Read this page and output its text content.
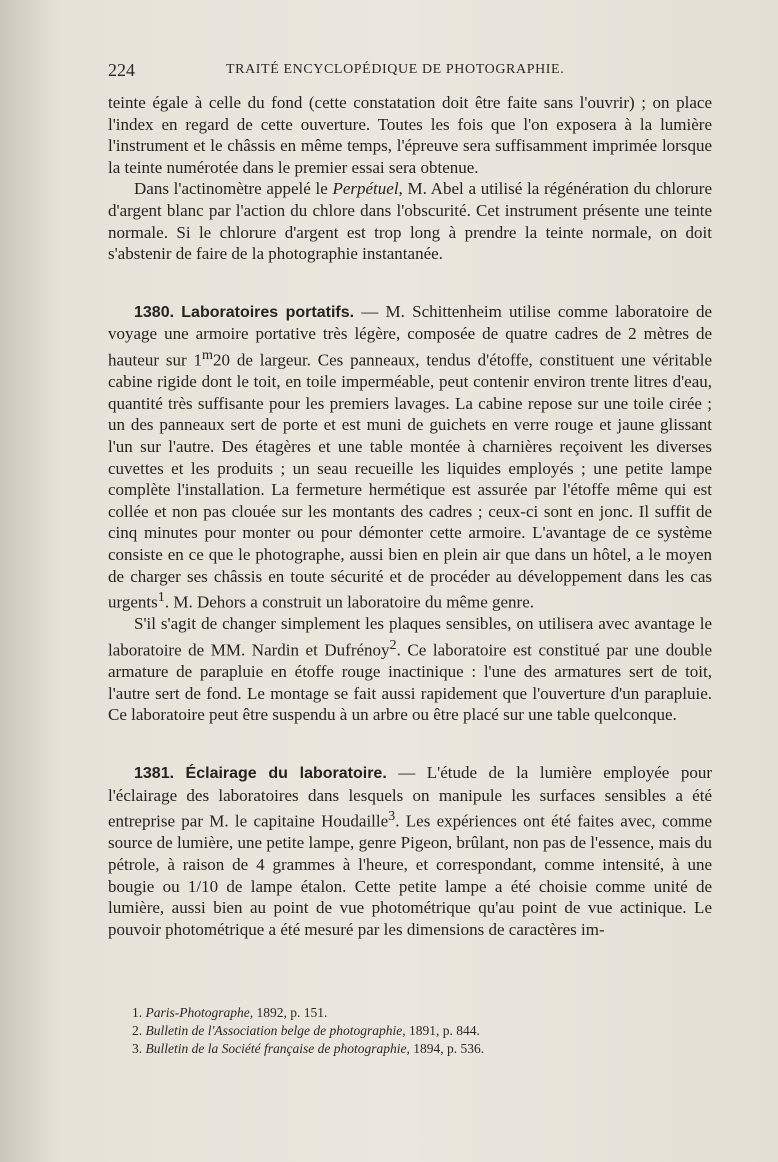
224	TRAITÉ ENCYCLOPÉDIQUE DE PHOTOGRAPHIE.

teinte égale à celle du fond (cette constatation doit être faite sans l'ouvrir) ; on place l'index en regard de cette ouverture. Toutes les fois que l'on exposera à la lumière l'instrument et le châssis en même temps, l'épreuve sera suffisamment imprimée lorsque la teinte numérotée dans le premier essai sera obtenue.

Dans l'actinomètre appelé le Perpétuel, M. Abel a utilisé la régénération du chlorure d'argent blanc par l'action du chlore dans l'obscurité. Cet instrument présente une teinte normale. Si le chlorure d'argent est trop long à prendre la teinte normale, on doit s'abstenir de faire de la photographie instantanée.

1380. Laboratoires portatifs. — M. Schittenheim utilise comme laboratoire de voyage une armoire portative très légère, composée de quatre cadres de 2 mètres de hauteur sur 1$^m$20 de largeur. Ces panneaux, tendus d'étoffe, constituent une véritable cabine rigide dont le toit, en toile imperméable, peut contenir environ trente litres d'eau, quantité très suffisante pour les premiers lavages. La cabine repose sur une toile cirée ; un des panneaux sert de porte et est muni de guichets en verre rouge et jaune glissant l'un sur l'autre. Des étagères et une table montée à charnières reçoivent les diverses cuvettes et les produits ; un seau recueille les liquides employés ; une petite lampe complète l'installation. La fermeture hermétique est assurée par l'étoffe même qui est collée et non pas clouée sur les montants des cadres ; ceux-ci sont en jonc. Il suffit de cinq minutes pour monter ou pour démonter cette armoire. L'avantage de ce système consiste en ce que le photographe, aussi bien en plein air que dans un hôtel, a le moyen de charger ses châssis en toute sécurité et de procéder au développement dans les cas urgents$^1$. M. Dehors a construit un laboratoire du même genre.

S'il s'agit de changer simplement les plaques sensibles, on utilisera avec avantage le laboratoire de MM. Nardin et Dufrénoy$^2$. Ce laboratoire est constitué par une double armature de parapluie en étoffe rouge inactinique : l'une des armatures sert de toit, l'autre sert de fond. Le montage se fait aussi rapidement que l'ouverture d'un parapluie. Ce laboratoire peut être suspendu à un arbre ou être placé sur une table quelconque.

1381. Éclairage du laboratoire. — L'étude de la lumière employée pour l'éclairage des laboratoires dans lesquels on manipule les surfaces sensibles a été entreprise par M. le capitaine Houdaille$^3$. Les expériences ont été faites avec, comme source de lumière, une petite lampe, genre Pigeon, brûlant, non pas de l'essence, mais du pétrole, à raison de 4 grammes à l'heure, et correspondant, comme intensité, à une bougie ou 1/10 de lampe étalon. Cette petite lampe a été choisie comme unité de lumière, aussi bien au point de vue photométrique qu'au point de vue actinique. Le pouvoir photométrique a été mesuré par les dimensions de caractères im-

1. Paris-Photographe, 1892, p. 151.

2. Bulletin de l'Association belge de photographie, 1891, p. 844.

3. Bulletin de la Société française de photographie, 1894, p. 536.
